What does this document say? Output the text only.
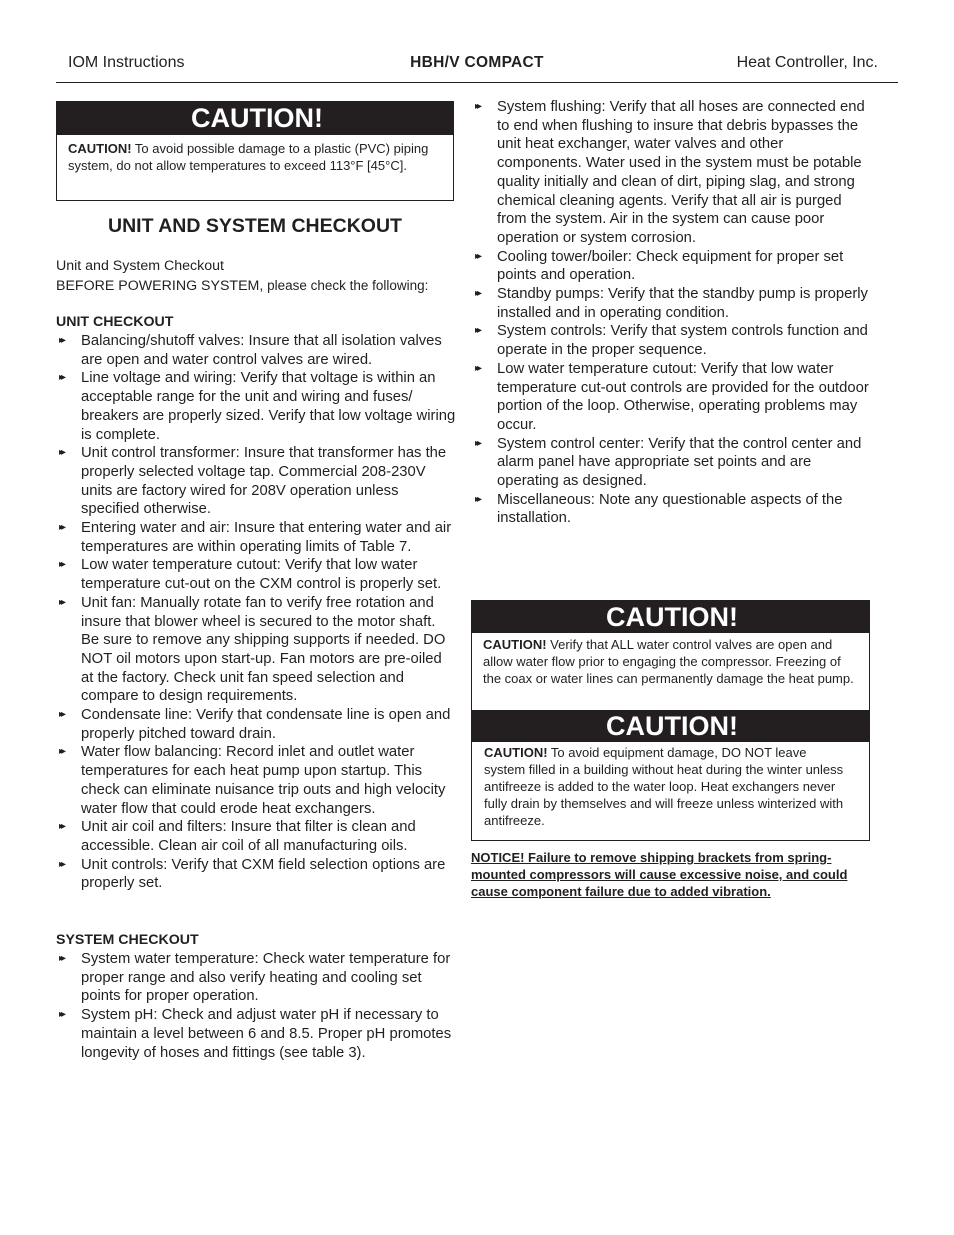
IOM Instructions	HBH/V COMPACT	Heat Controller, Inc.
CAUTION!
CAUTION! To avoid possible damage to a plastic (PVC) piping system, do not allow temperatures to exceed 113°F [45°C].
UNIT AND SYSTEM CHECKOUT
Unit and System Checkout
BEFORE POWERING SYSTEM, please check the following:
UNIT CHECKOUT
▸▸ Balancing/shutoff valves: Insure that all isolation valves are open and water control valves are wired.
▸▸ Line voltage and wiring: Verify that voltage is within an acceptable range for the unit and wiring and fuses/ breakers are properly sized. Verify that low voltage wiring is complete.
▸▸ Unit control transformer: Insure that transformer has the properly selected voltage tap. Commercial 208-230V units are factory wired for 208V operation unless specified otherwise.
▸▸ Entering water and air: Insure that entering water and air temperatures are within operating limits of Table 7.
▸▸ Low water temperature cutout: Verify that low water temperature cut-out on the CXM control is properly set.
▸▸ Unit fan: Manually rotate fan to verify free rotation and insure that blower wheel is secured to the motor shaft. Be sure to remove any shipping supports if needed. DO NOT oil motors upon start-up. Fan motors are pre-oiled at the factory. Check unit fan speed selection and compare to design requirements.
▸▸ Condensate line: Verify that condensate line is open and properly pitched toward drain.
▸▸ Water flow balancing: Record inlet and outlet water temperatures for each heat pump upon startup. This check can eliminate nuisance trip outs and high velocity water flow that could erode heat exchangers.
▸▸ Unit air coil and filters: Insure that filter is clean and accessible. Clean air coil of all manufacturing oils.
▸▸ Unit controls: Verify that CXM field selection options are properly set.
SYSTEM CHECKOUT
▸▸ System water temperature: Check water temperature for proper range and also verify heating and cooling set points for proper operation.
▸▸ System pH: Check and adjust water pH if necessary to maintain a level between 6 and 8.5. Proper pH promotes longevity of hoses and fittings (see table 3).
▸▸ System flushing: Verify that all hoses are connected end to end when flushing to insure that debris bypasses the unit heat exchanger, water valves and other components. Water used in the system must be potable quality initially and clean of dirt, piping slag, and strong chemical cleaning agents. Verify that all air is purged from the system. Air in the system can cause poor operation or system corrosion.
▸▸ Cooling tower/boiler: Check equipment for proper set points and operation.
▸▸ Standby pumps: Verify that the standby pump is properly installed and in operating condition.
▸▸ System controls: Verify that system controls function and operate in the proper sequence.
▸▸ Low water temperature cutout: Verify that low water temperature cut-out controls are provided for the outdoor portion of the loop. Otherwise, operating problems may occur.
▸▸ System control center: Verify that the control center and alarm panel have appropriate set points and are operating as designed.
▸▸ Miscellaneous: Note any questionable aspects of the installation.
CAUTION!
CAUTION! Verify that ALL water control valves are open and allow water flow prior to engaging the compressor. Freezing of the coax or water lines can permanently damage the heat pump.
CAUTION!
CAUTION! To avoid equipment damage, DO NOT leave system filled in a building without heat during the winter unless antifreeze is added to the water loop. Heat exchangers never fully drain by themselves and will freeze unless winterized with antifreeze.
NOTICE! Failure to remove shipping brackets from spring-mounted compressors will cause excessive noise, and could cause component failure due to added vibration.
